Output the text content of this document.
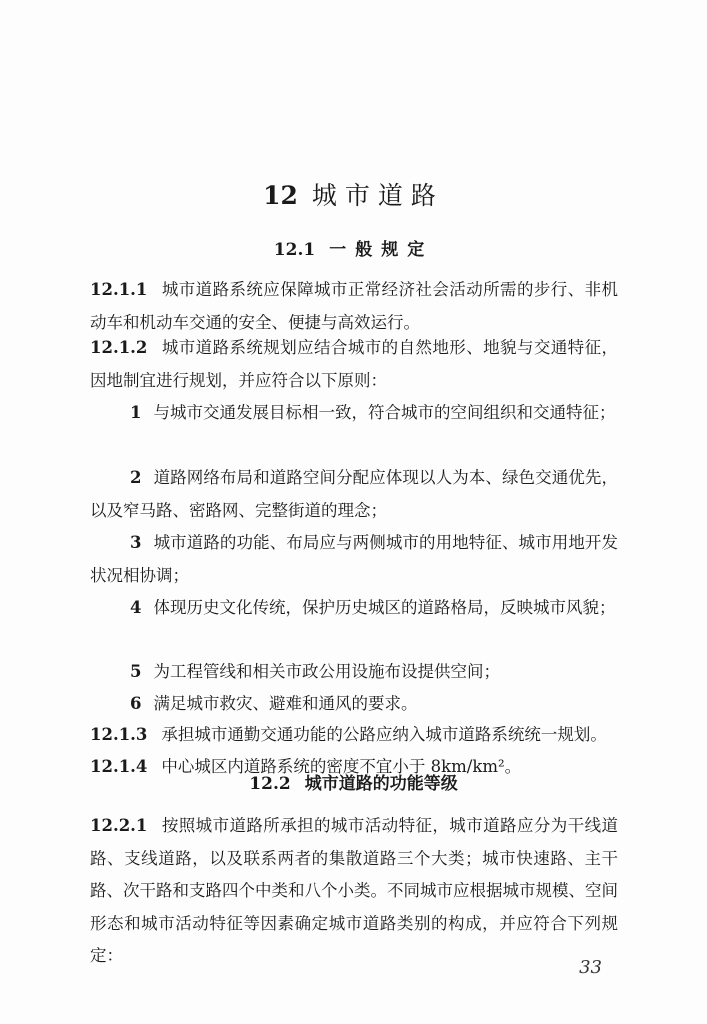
12 城市道路
12.1 一般规定

12.1.1 城市道路系统应保障城市正常经济社会活动所需的步行、非机动车和机动车交通的安全、便捷与高效运行。

12.1.2 城市道路系统规划应结合城市的自然地形、地貌与交通特征，因地制宜进行规划，并应符合以下原则：

1 与城市交通发展目标相一致，符合城市的空间组织和交通特征；

2 道路网络布局和道路空间分配应体现以人为本、绿色交通优先，以及窄马路、密路网、完整街道的理念；

3 城市道路的功能、布局应与两侧城市的用地特征、城市用地开发状况相协调；

4 体现历史文化传统，保护历史城区的道路格局，反映城市风貌；

5 为工程管线和相关市政公用设施布设提供空间；

6 满足城市救灾、避难和通风的要求。

12.1.3 承担城市通勤交通功能的公路应纳入城市道路系统统一规划。

12.1.4 中心城区内道路系统的密度不宜小于 8km/km²。

12.2 城市道路的功能等级

12.2.1 按照城市道路所承担的城市活动特征，城市道路应分为干线道路、支线道路，以及联系两者的集散道路三个大类；城市快速路、主干路、次干路和支路四个中类和八个小类。不同城市应根据城市规模、空间形态和城市活动特征等因素确定城市道路类别的构成，并应符合下列规定：

33
